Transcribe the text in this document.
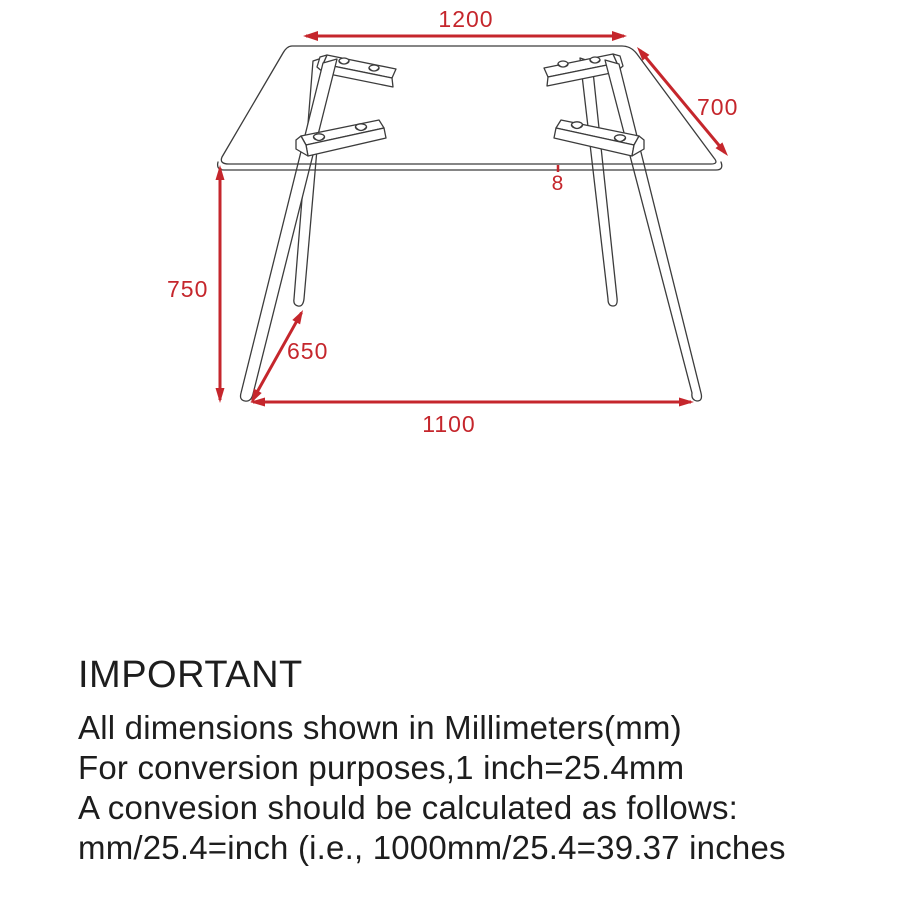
1200
700
750
650
1100
8
IMPORTANT
All dimensions shown in Millimeters(mm)
For conversion purposes,1 inch=25.4mm
A convesion should be calculated as follows:
mm/25.4=inch (i.e., 1000mm/25.4=39.37 inches
